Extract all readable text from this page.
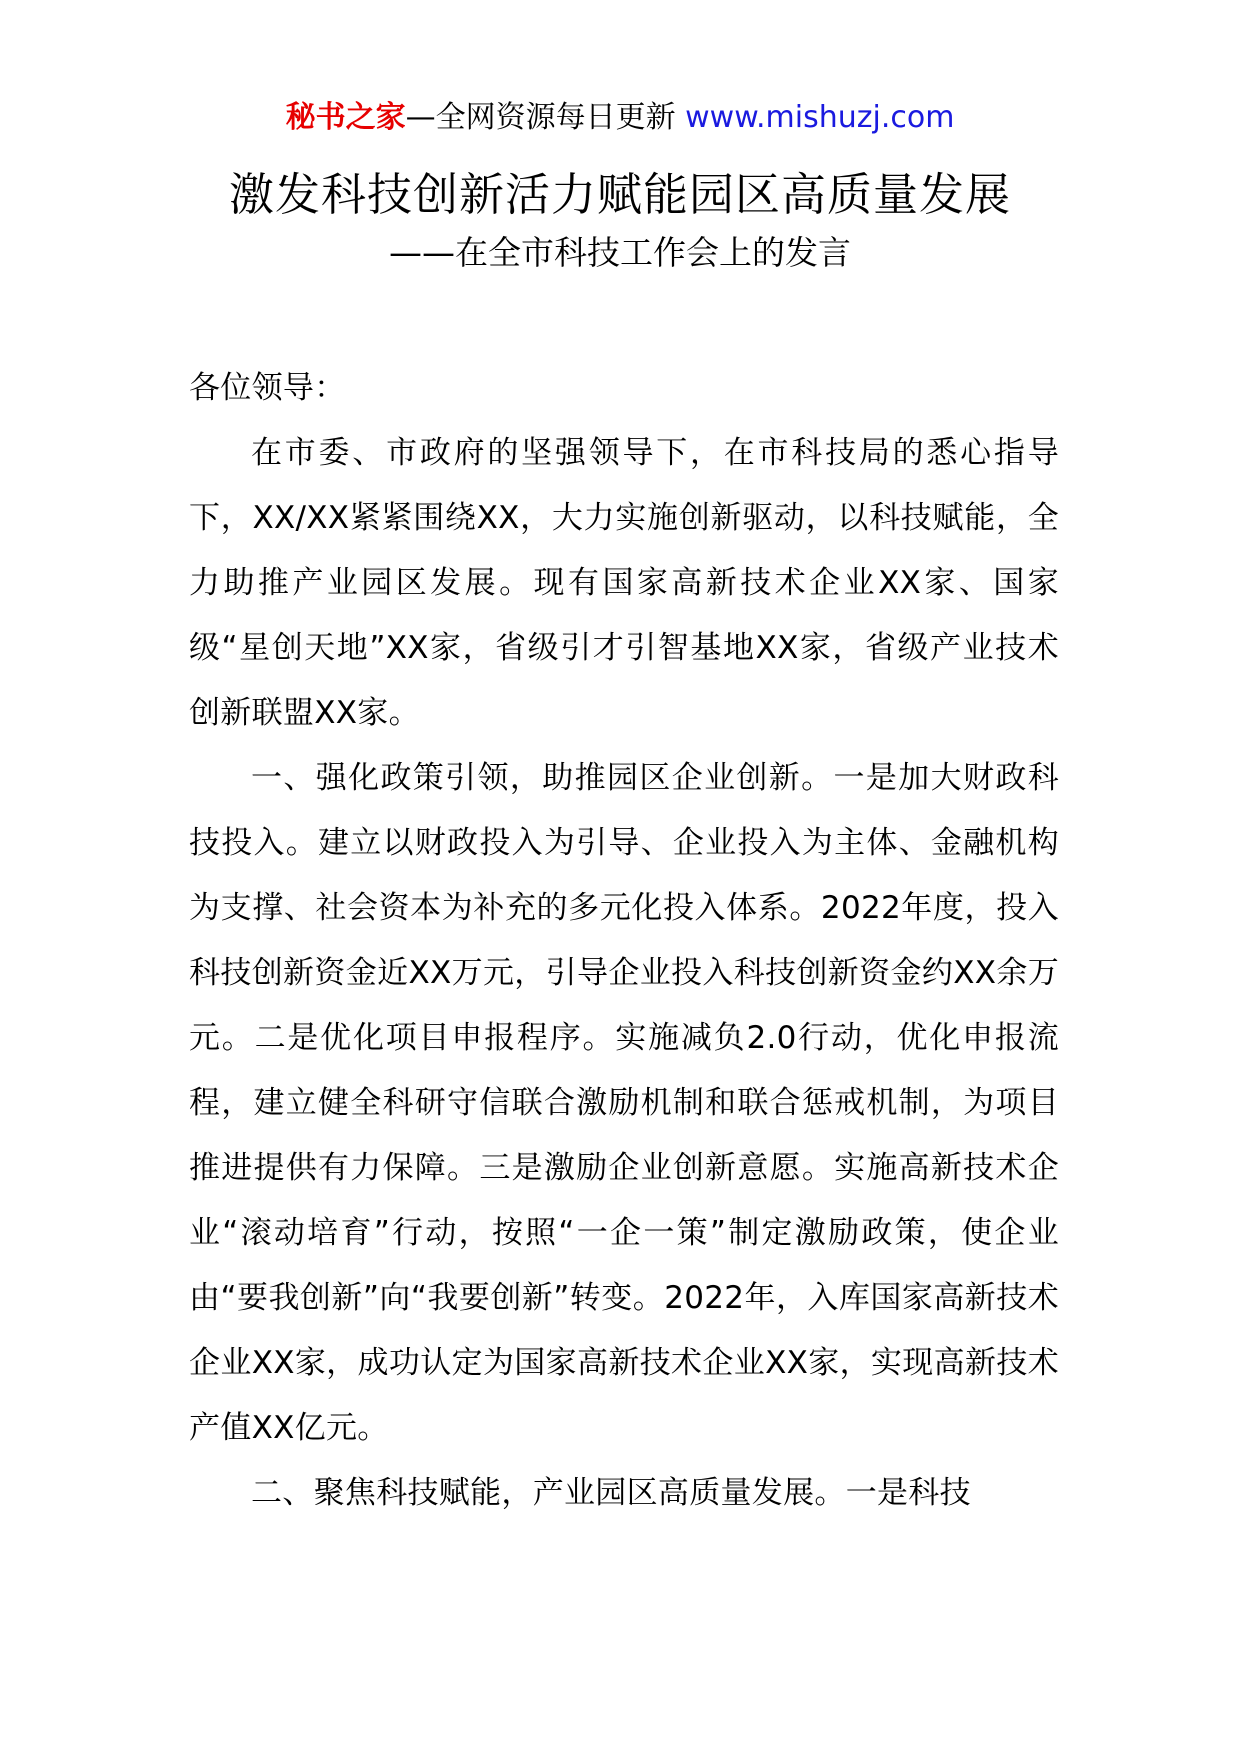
秘书之家—全网资源每日更新 www.mishuzj.com
激发科技创新活力赋能园区高质量发展
——在全市科技工作会上的发言

各位领导：

在市委、市政府的坚强领导下，在市科技局的悉心指导下，XX/XX紧紧围绕XX，大力实施创新驱动，以科技赋能，全力助推产业园区发展。现有国家高新技术企业XX家、国家级“星创天地”XX家，省级引才引智基地XX家，省级产业技术创新联盟XX家。

一、强化政策引领，助推园区企业创新。一是加大财政科技投入。建立以财政投入为引导、企业投入为主体、金融机构为支撑、社会资本为补充的多元化投入体系。2022年度，投入科技创新资金近XX万元，引导企业投入科技创新资金约XX余万元。二是优化项目申报程序。实施减负2.0行动，优化申报流程，建立健全科研守信联合激励机制和联合惩戒机制，为项目推进提供有力保障。三是激励企业创新意愿。实施高新技术企业“滚动培育”行动，按照“一企一策”制定激励政策，使企业由“要我创新”向“我要创新”转变。2022年，入库国家高新技术企业XX家，成功认定为国家高新技术企业XX家，实现高新技术产值XX亿元。

二、聚焦科技赋能，产业园区高质量发展。一是科技
